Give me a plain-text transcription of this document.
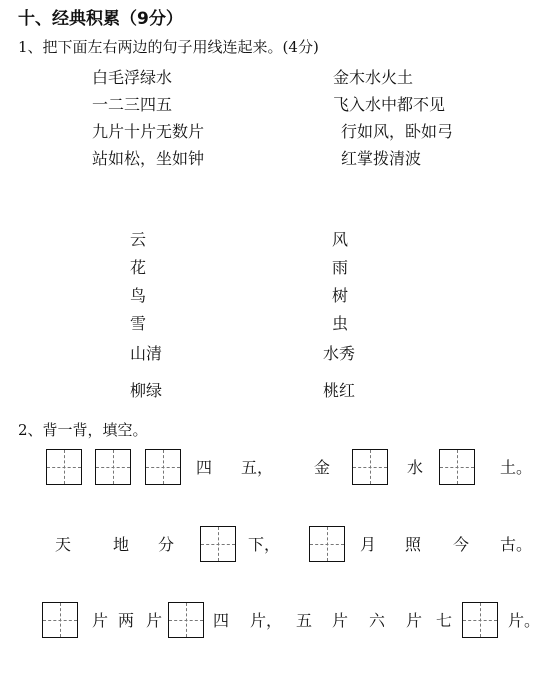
十、经典积累（9分）
1、把下面左右两边的句子用线连起来。(4分)
白毛浮绿水
一二三四五
九片十片无数片
站如松，坐如钟
金木水火土
飞入水中都不见
行如风，卧如弓
红掌拨清波
云
花
鸟
雪
山清
柳绿
风
雨
树
虫
水秀
桃红
2、背一背，填空。
四 五，	金	水	土。
天	地 分	下，	月 照 今 古。
片 两 片	四 片， 五 片 六 片 七	片。
